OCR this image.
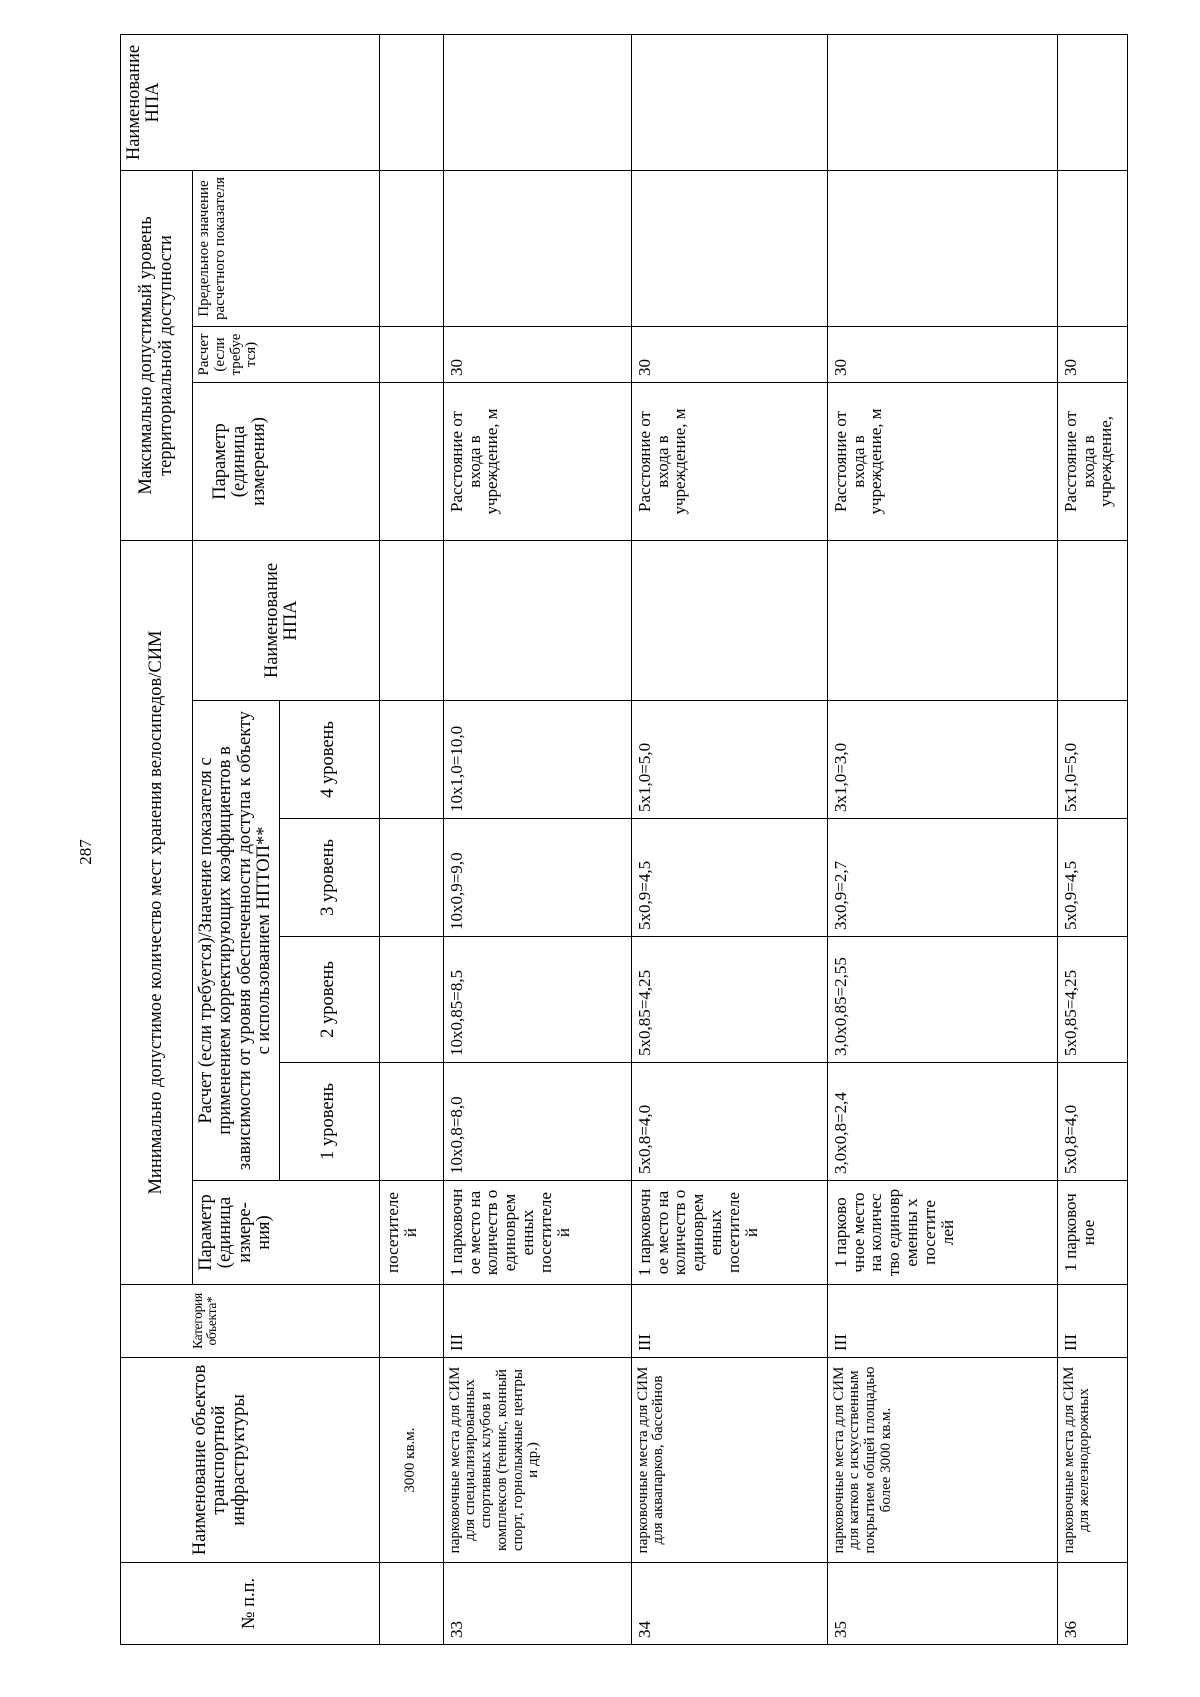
287
№ п.п.	Наименование объектов транспортной инфраструктуры	Категория объекта*	Минимально допустимое количество мест хранения велосипедов/СИМ						Максимально допустимый уровень территориальной доступности			Наименование НПА
			Параметр (единица измере- ния)	Расчет (если требуется)/Значение показателя с применением корректирующих коэффициентов в зависимости от уровня обеспеченности доступа к объекту с использованием НПТОП**				Наименование НПА	Параметр (единица измерения)	Расчет (если требуется)	Предельное значение расчетного показателя	
				1 уровень	2 уровень	3 уровень	4 уровень					
	3000 кв.м.		посетителе й									
33	парковочные места для СИМ для специализированных спортивных клубов и комплексов (теннис, конный спорт, горнолыжные центры и др.)	III	1 парковочн ое место на количеств о единоврем енных посетителе й	10х0,8=8,0	10х0,85=8,5	10х0,9=9,0	10х1,0=10,0		Расстояние от входа в учреждение, м	30		
34	парковочные места для СИМ для аквапарков, бассейнов	III	1 парковочн ое место на количеств о единоврем енных посетителе й	5х0,8=4,0	5х0,85=4,25	5х0,9=4,5	5х1,0=5,0		Расстояние от входа в учреждение, м	30		
35	парковочные места для СИМ для катков с искусственным покрытием общей площадью более 3000 кв.м.	III	1 парково чное место на количес тво единовр еменны х посетите лей	3,0х0,8=2,4	3,0х0,85=2,55	3х0,9=2,7	3х1,0=3,0		Расстояние от входа в учреждение, м	30		
36	парковочные места для СИМ для железнодорожных	III	1 парковоч ное	5х0,8=4,0	5х0,85=4,25	5х0,9=4,5	5х1,0=5,0		Расстояние от входа в учреждение,	30		
